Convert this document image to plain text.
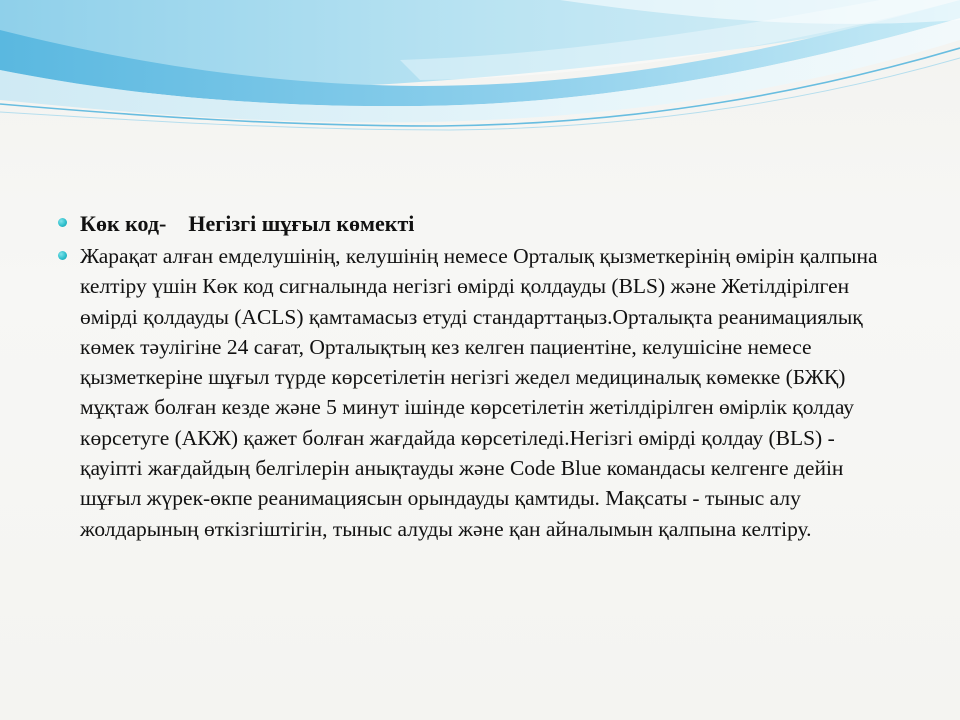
Көк код- Негізгі шұғыл көмекті
Жарақат алған емделушінің, келушінің немесе Орталық қызметкерінің өмірін қалпына келтіру үшін Көк код сигналында негізгі өмірді қолдауды (BLS) және Жетілдірілген өмірді қолдауды (ACLS) қамтамасыз етуді стандарттаңыз.Орталықта реанимациялық көмек тәулігіне 24 сағат, Орталықтың кез келген пациентіне, келушісіне немесе қызметкеріне шұғыл түрде көрсетілетін негізгі жедел медициналық көмекке (БЖҚ) мұқтаж болған кезде және 5 минут ішінде көрсетілетін жетілдірілген өмірлік қолдау көрсетуге (АКЖ) қажет болған жағдайда көрсетіледі.Негізгі өмірді қолдау (BLS) - қауіпті жағдайдың белгілерін анықтауды және Code Blue командасы келгенге дейін шұғыл жүрек-өкпе реанимациясын орындауды қамтиды. Мақсаты - тыныс алу жолдарының өткізгіштігін, тыныс алуды және қан айналымын қалпына келтіру.
